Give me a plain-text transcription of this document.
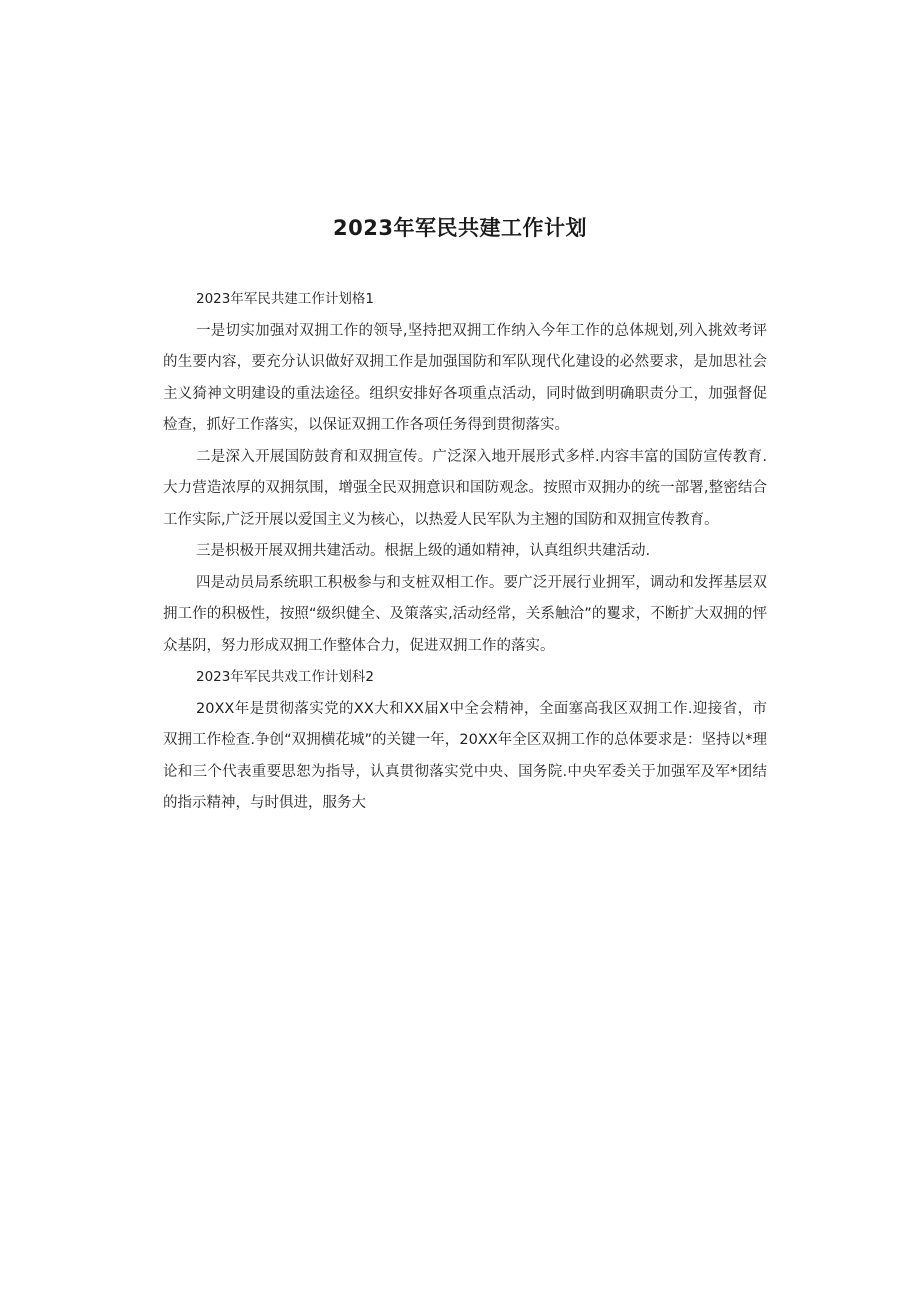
2023年军民共建工作计划

2023年军民共建工作计划格1

一是切实加强对双拥工作的领导,坚持把双拥工作纳入今年工作的总体规划,列入挑效考评的生要内容，要充分认识做好双拥工作是加强国防和军队现代化建设的必然要求，是加思社会主义猗神文明建设的重法途径。组织安排好各项重点活动，同时做到明确职责分工，加强督促检查，抓好工作落实，以保证双拥工作各项任务得到贯彻落实。

二是深入开展国防鼓育和双拥宣传。广泛深入地开展形式多样.内容丰富的国防宣传教育.大力营造浓厚的双拥氛围，增强全民双拥意识和国防观念。按照市双拥办的统一部署,整密结合工作实际,广泛开展以爱国主义为核心，以热爱人民军队为主翘的国防和双拥宣传教育。

三是枳极开展双拥共建活动。根据上级的通如精神，认真组织共建活动.

四是动员局系统职工积极参与和支桩双相工作。要广泛开展行业拥军，调动和发挥基层双拥工作的积极性，按照“级织健全、及策落实,活动经常，关系触洽”的矍求，不断扩大双拥的怦众基阴，努力形成双拥工作整体合力，促进双拥工作的落实。

2023年军民共戏工作计划科2

20XX年是贯彻落实党的XX大和XX届X中全会精神，全面塞高我区双拥工作.迎接省，市双拥工作检查.争创“双拥横花城”的关键一年，20XX年全区双拥工作的总体要求是：坚持以*理论和三个代表重要思恕为指导，认真贯彻落实党中央、国务院.中央军委关于加强军及军*团结的指示精神，与时俱进，服务大
